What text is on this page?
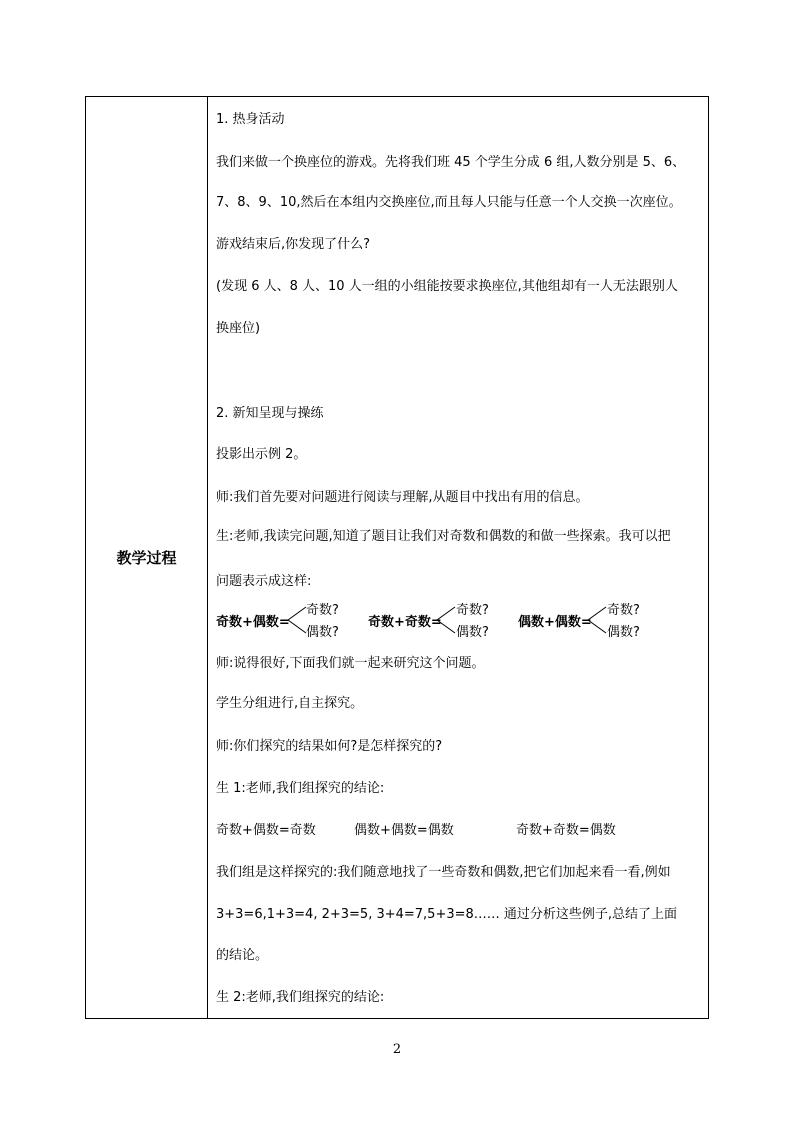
教学过程
1. 热身活动
我们来做一个换座位的游戏。先将我们班 45 个学生分成 6 组,人数分别是 5、6、
7、8、9、10,然后在本组内交换座位,而且每人只能与任意一个人交换一次座位。
游戏结束后,你发现了什么?
(发现 6 人、8 人、10 人一组的小组能按要求换座位,其他组却有一人无法跟别人
换座位)
2. 新知呈现与操练
投影出示例 2。
师:我们首先要对问题进行阅读与理解,从题目中找出有用的信息。
生:老师,我读完问题,知道了题目让我们对奇数和偶数的和做一些探索。我可以把
问题表示成这样:
奇数+偶数=
奇数?
偶数?
奇数+奇数=
奇数?
偶数?
偶数+偶数=
奇数?
偶数?
师:说得很好,下面我们就一起来研究这个问题。
学生分组进行,自主探究。
师:你们探究的结果如何?是怎样探究的?
生 1:老师,我们组探究的结论:
奇数+偶数=奇数	偶数+偶数=偶数	奇数+奇数=偶数
我们组是这样探究的:我们随意地找了一些奇数和偶数,把它们加起来看一看,例如
3+3=6,1+3=4, 2+3=5, 3+4=7,5+3=8…… 通过分析这些例子,总结了上面
的结论。
生 2:老师,我们组探究的结论:
2
